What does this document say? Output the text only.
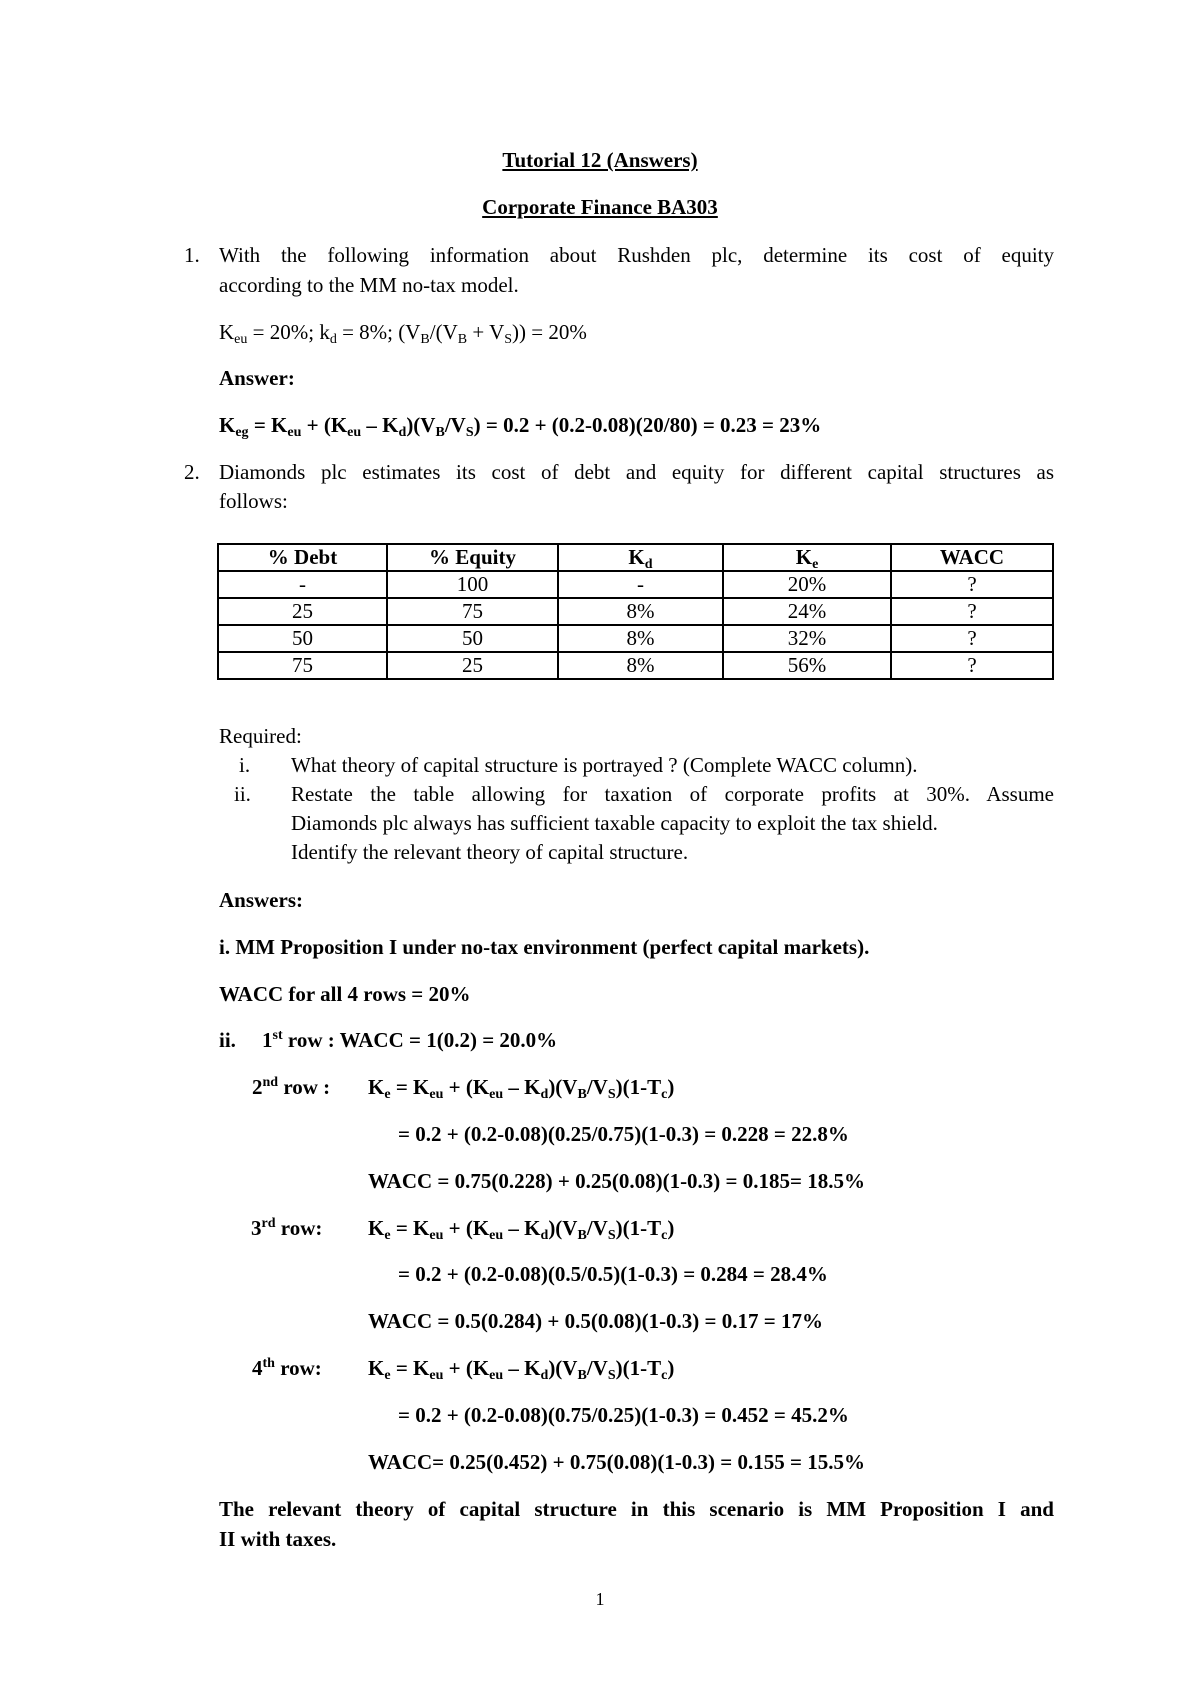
Tutorial 12 (Answers)
Corporate Finance BA303
1. With the following information about Rushden plc, determine its cost of equity
according to the MM no-tax model.
$K_{eu} = 20\%$; $k_d = 8\%$; $(V_B/(V_B + V_S)) = 20\%$
Answer:
$K_{eg} = K_{eu} + (K_{eu} - K_d)(V_B/V_S) = 0.2 + (0.2-0.08)(20/80) = 0.23 = 23\%$
2. Diamonds plc estimates its cost of debt and equity for different capital structures as
follows:
% Debt	% Equity	$K_d$	$K_e$	WACC
-	100	-	20%	?
25	75	8%	24%	?
50	50	8%	32%	?
75	25	8%	56%	?
Required:
i. What theory of capital structure is portrayed ? (Complete WACC column).
ii. Restate the table allowing for taxation of corporate profits at 30%. Assume
Diamonds plc always has sufficient taxable capacity to exploit the tax shield.
Identify the relevant theory of capital structure.
Answers:
i. MM Proposition I under no-tax environment (perfect capital markets).
WACC for all 4 rows = 20%
ii. 1st row : WACC = 1(0.2) = 20.0%
2nd row : $K_e = K_{eu} + (K_{eu} - K_d)(V_B/V_S)(1-T_c)$
= 0.2 + (0.2-0.08)(0.25/0.75)(1-0.3) = 0.228 = 22.8%
WACC = 0.75(0.228) + 0.25(0.08)(1-0.3) = 0.185= 18.5%
3rd row: $K_e = K_{eu} + (K_{eu} - K_d)(V_B/V_S)(1-T_c)$
= 0.2 + (0.2-0.08)(0.5/0.5)(1-0.3) = 0.284 = 28.4%
WACC = 0.5(0.284) + 0.5(0.08)(1-0.3) = 0.17 = 17%
4th row: $K_e = K_{eu} + (K_{eu} - K_d)(V_B/V_S)(1-T_c)$
= 0.2 + (0.2-0.08)(0.75/0.25)(1-0.3) = 0.452 = 45.2%
WACC= 0.25(0.452) + 0.75(0.08)(1-0.3) = 0.155 = 15.5%
The relevant theory of capital structure in this scenario is MM Proposition I and
II with taxes.
1
